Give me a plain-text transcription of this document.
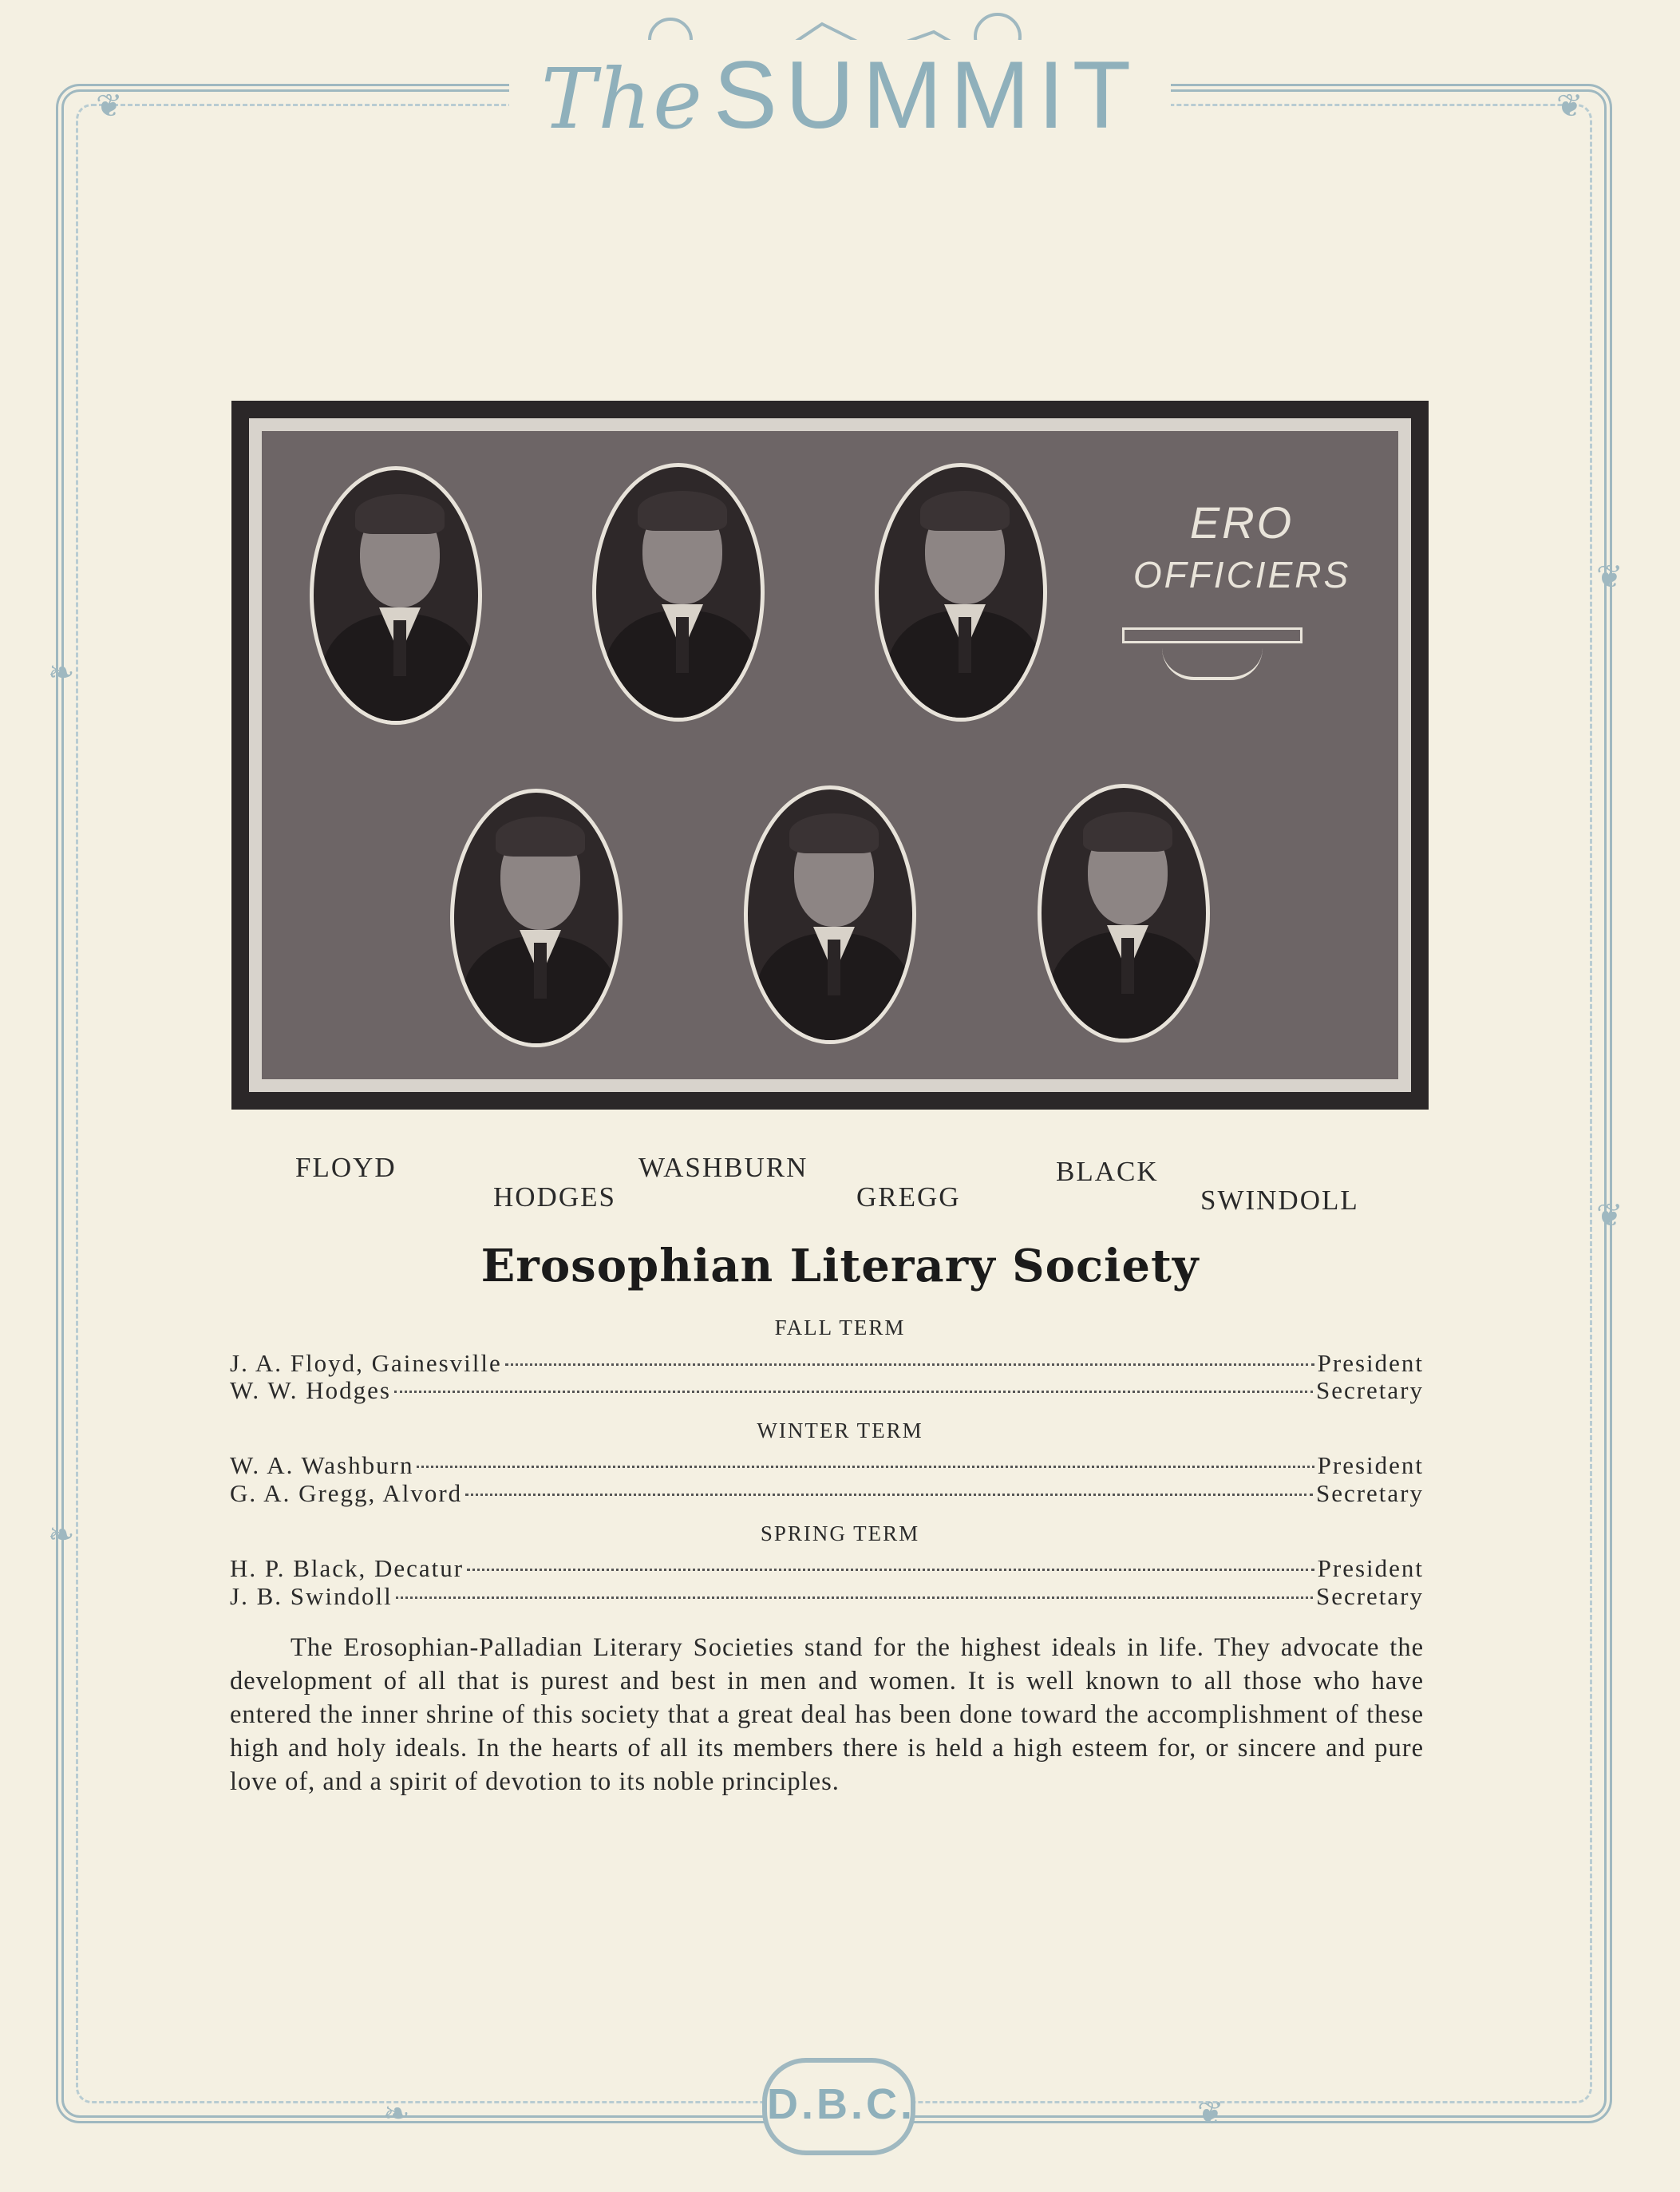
❦	❦
❧
❧
❦
❦
❧	❦
The SUMMIT
ERO
OFFICIERS
FLOYD
HODGES
WASHBURN
GREGG
BLACK
SWINDOLL
Erosophian Literary Society
FALL TERM
J. A. Floyd, Gainesville	President
W. W. Hodges	Secretary
WINTER TERM
W. A. Washburn	President
G. A. Gregg, Alvord	Secretary
SPRING TERM
H. P. Black, Decatur	President
J. B. Swindoll	Secretary

The Erosophian-Palladian Literary Societies stand for the highest ideals in life. They advocate the development of all that is purest and best in men and women. It is well known to all those who have entered the inner shrine of this society that a great deal has been done toward the accomplishment of these high and holy ideals. In the hearts of all its members there is held a high esteem for, or sincere and pure love of, and a spirit of devotion to its noble principles.

D.B.C.
